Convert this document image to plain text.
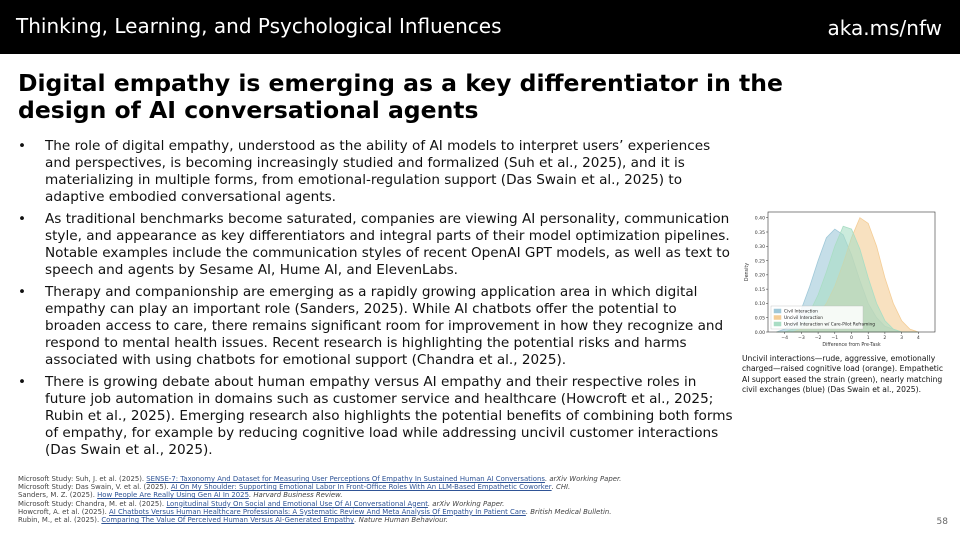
Thinking, Learning, and Psychological Influences	aka.ms/nfw
Digital empathy is emerging as a key differentiator in the design of AI conversational agents
• The role of digital empathy, understood as the ability of AI models to interpret users’ experiences and perspectives, is becoming increasingly studied and formalized (Suh et al., 2025), and it is materializing in multiple forms, from emotional-regulation support (Das Swain et al., 2025) to adaptive embodied conversational agents.
• As traditional benchmarks become saturated, companies are viewing AI personality, communication style, and appearance as key differentiators and integral parts of their model optimization pipelines. Notable examples include the communication styles of recent OpenAI GPT models, as well as text to speech and agents by Sesame AI, Hume AI, and ElevenLabs.
• Therapy and companionship are emerging as a rapidly growing application area in which digital empathy can play an important role (Sanders, 2025). While AI chatbots offer the potential to broaden access to care, there remains significant room for improvement in how they recognize and respond to mental health issues. Recent research is highlighting the potential risks and harms associated with using chatbots for emotional support (Chandra et al., 2025).
• There is growing debate about human empathy versus AI empathy and their respective roles in future job automation in domains such as customer service and healthcare (Howcroft et al., 2025; Rubin et al., 2025). Emerging research also highlights the potential benefits of combining both forms of empathy, for example by reducing cognitive load while addressing uncivil customer interactions (Das Swain et al., 2025).
0.00
0.05
0.10
0.15
0.20
0.25
0.30
0.35
0.40
−4 −3 −2 −1	0	1	2	3	4
Difference from Pre-Task
Density
Civil Interaction
Uncivil Interaction
Uncivil Interaction w/ Care-Pilot Reframing
Uncivil interactions—rude, aggressive, emotionally charged—raised cognitive load (orange). Empathetic AI support eased the strain (green), nearly matching civil exchanges (blue) (Das Swain et al., 2025).
Microsoft Study: Suh, J. et al. (2025). SENSE-7: Taxonomy And Dataset for Measuring User Perceptions Of Empathy In Sustained Human AI Conversations. arXiv Working Paper.
Microsoft Study: Das Swain, V. et al. (2025). AI On My Shoulder: Supporting Emotional Labor In Front-Office Roles With An LLM-Based Empathetic Coworker. CHI.
Sanders, M. Z. (2025). How People Are Really Using Gen AI In 2025. Harvard Business Review.
Microsoft Study: Chandra, M. et al. (2025). Longitudinal Study On Social and Emotional Use Of AI Conversational Agent. arXiv Working Paper.
Howcroft, A. et al. (2025). AI Chatbots Versus Human Healthcare Professionals: A Systematic Review And Meta Analysis Of Empathy In Patient Care. British Medical Bulletin.
Rubin, M., et al. (2025). Comparing The Value Of Perceived Human Versus AI-Generated Empathy. Nature Human Behaviour.	58
